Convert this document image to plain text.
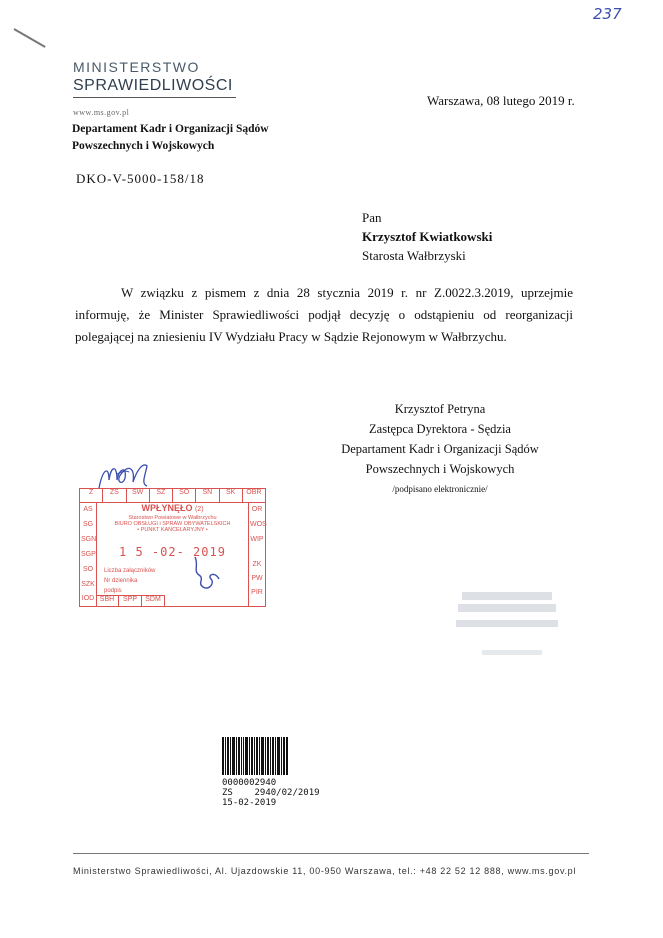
237
MINISTERSTWO
SPRAWIEDLIWOŚCI
www.ms.gov.pl
Departament Kadr i Organizacji Sądów
Powszechnych i Wojskowych
DKO-V-5000-158/18
Warszawa, 08 lutego 2019 r.
Pan
Krzysztof Kwiatkowski
Starosta Wałbrzyski

W związku z pismem z dnia 28 stycznia 2019 r. nr Z.0022.3.2019, uprzejmie informuję, że Minister Sprawiedliwości podjął decyzję o odstąpieniu od reorganizacji polegającej na zniesieniu IV Wydziału Pracy w Sądzie Rejonowym w Wałbrzychu.

Krzysztof Petryna
Zastępca Dyrektora - Sędzia
Departament Kadr i Organizacji Sądów
Powszechnych i Wojskowych
/podpisano elektronicznie/
Z	ZS	SW	SZ	SO	SN	SK	OBR
AS
SG
SGN
SGP
SO
SZK
IOD
OR
WOS
WIP
ZK
PW
PIR
WPŁYNĘŁO (2)
Starostwo Powiatowe w Wałbrzychu
BIURO OBSŁUGI i SPRAW OBYWATELSKICH
• PUNKT KANCELARYJNY •
1 5 -02- 2019
Liczba załączników
Nr dziennika
podpis
SBH	SPP	SDM
0000002940
ZS    2940/02/2019
15-02-2019
Ministerstwo Sprawiedliwości, Al. Ujazdowskie 11, 00-950 Warszawa, tel.: +48 22 52 12 888, www.ms.gov.pl
